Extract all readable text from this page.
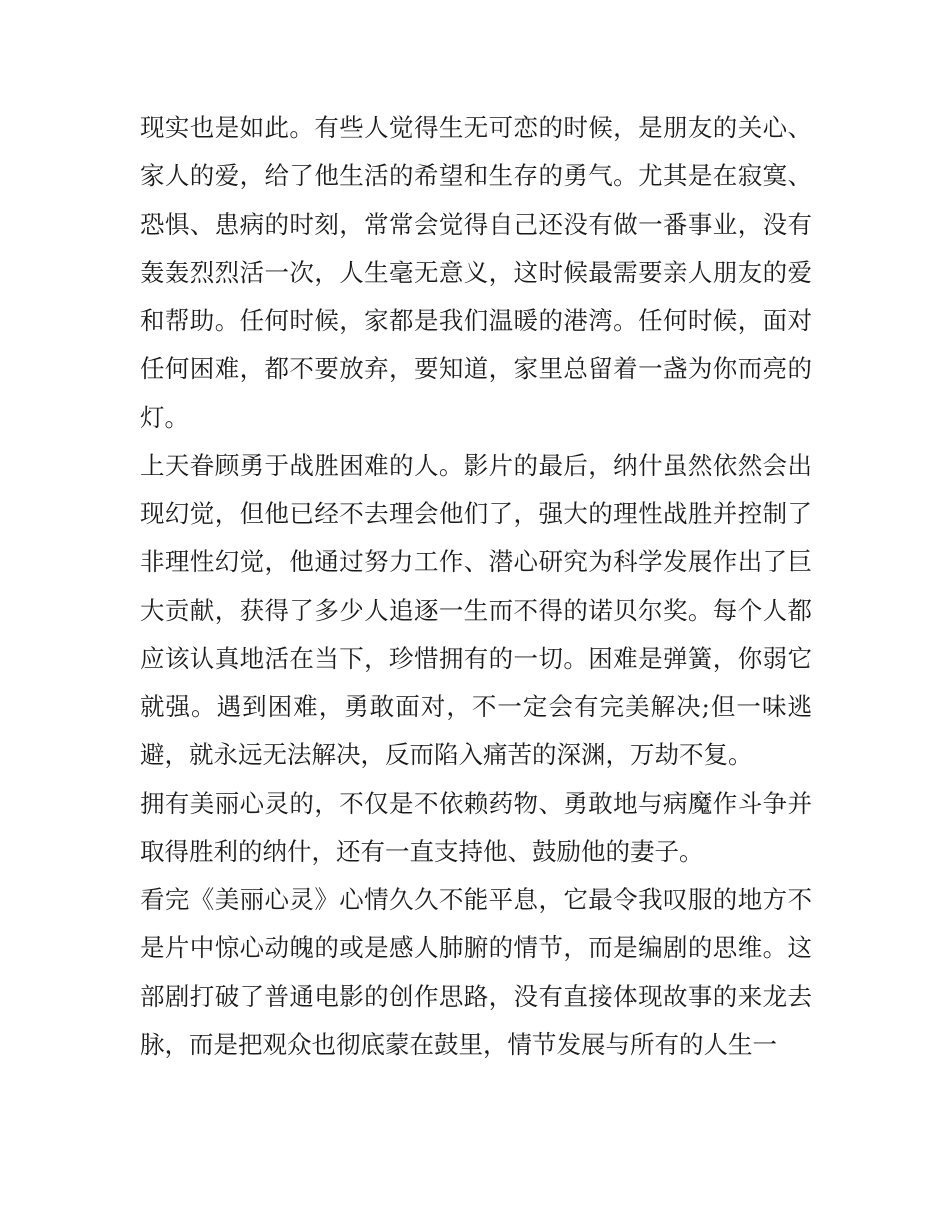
现实也是如此。有些人觉得生无可恋的时候，是朋友的关心、家人的爱，给了他生活的希望和生存的勇气。尤其是在寂寞、恐惧、患病的时刻，常常会觉得自己还没有做一番事业，没有轰轰烈烈活一次，人生毫无意义，这时候最需要亲人朋友的爱和帮助。任何时候，家都是我们温暖的港湾。任何时候，面对任何困难，都不要放弃，要知道，家里总留着一盏为你而亮的灯。

上天眷顾勇于战胜困难的人。影片的最后，纳什虽然依然会出现幻觉，但他已经不去理会他们了，强大的理性战胜并控制了非理性幻觉，他通过努力工作、潜心研究为科学发展作出了巨大贡献，获得了多少人追逐一生而不得的诺贝尔奖。每个人都应该认真地活在当下，珍惜拥有的一切。困难是弹簧，你弱它就强。遇到困难，勇敢面对，不一定会有完美解决;但一味逃避，就永远无法解决，反而陷入痛苦的深渊，万劫不复。

拥有美丽心灵的，不仅是不依赖药物、勇敢地与病魔作斗争并取得胜利的纳什，还有一直支持他、鼓励他的妻子。

看完《美丽心灵》心情久久不能平息，它最令我叹服的地方不是片中惊心动魄的或是感人肺腑的情节，而是编剧的思维。这部剧打破了普通电影的创作思路，没有直接体现故事的来龙去脉，而是把观众也彻底蒙在鼓里，情节发展与所有的人生一
